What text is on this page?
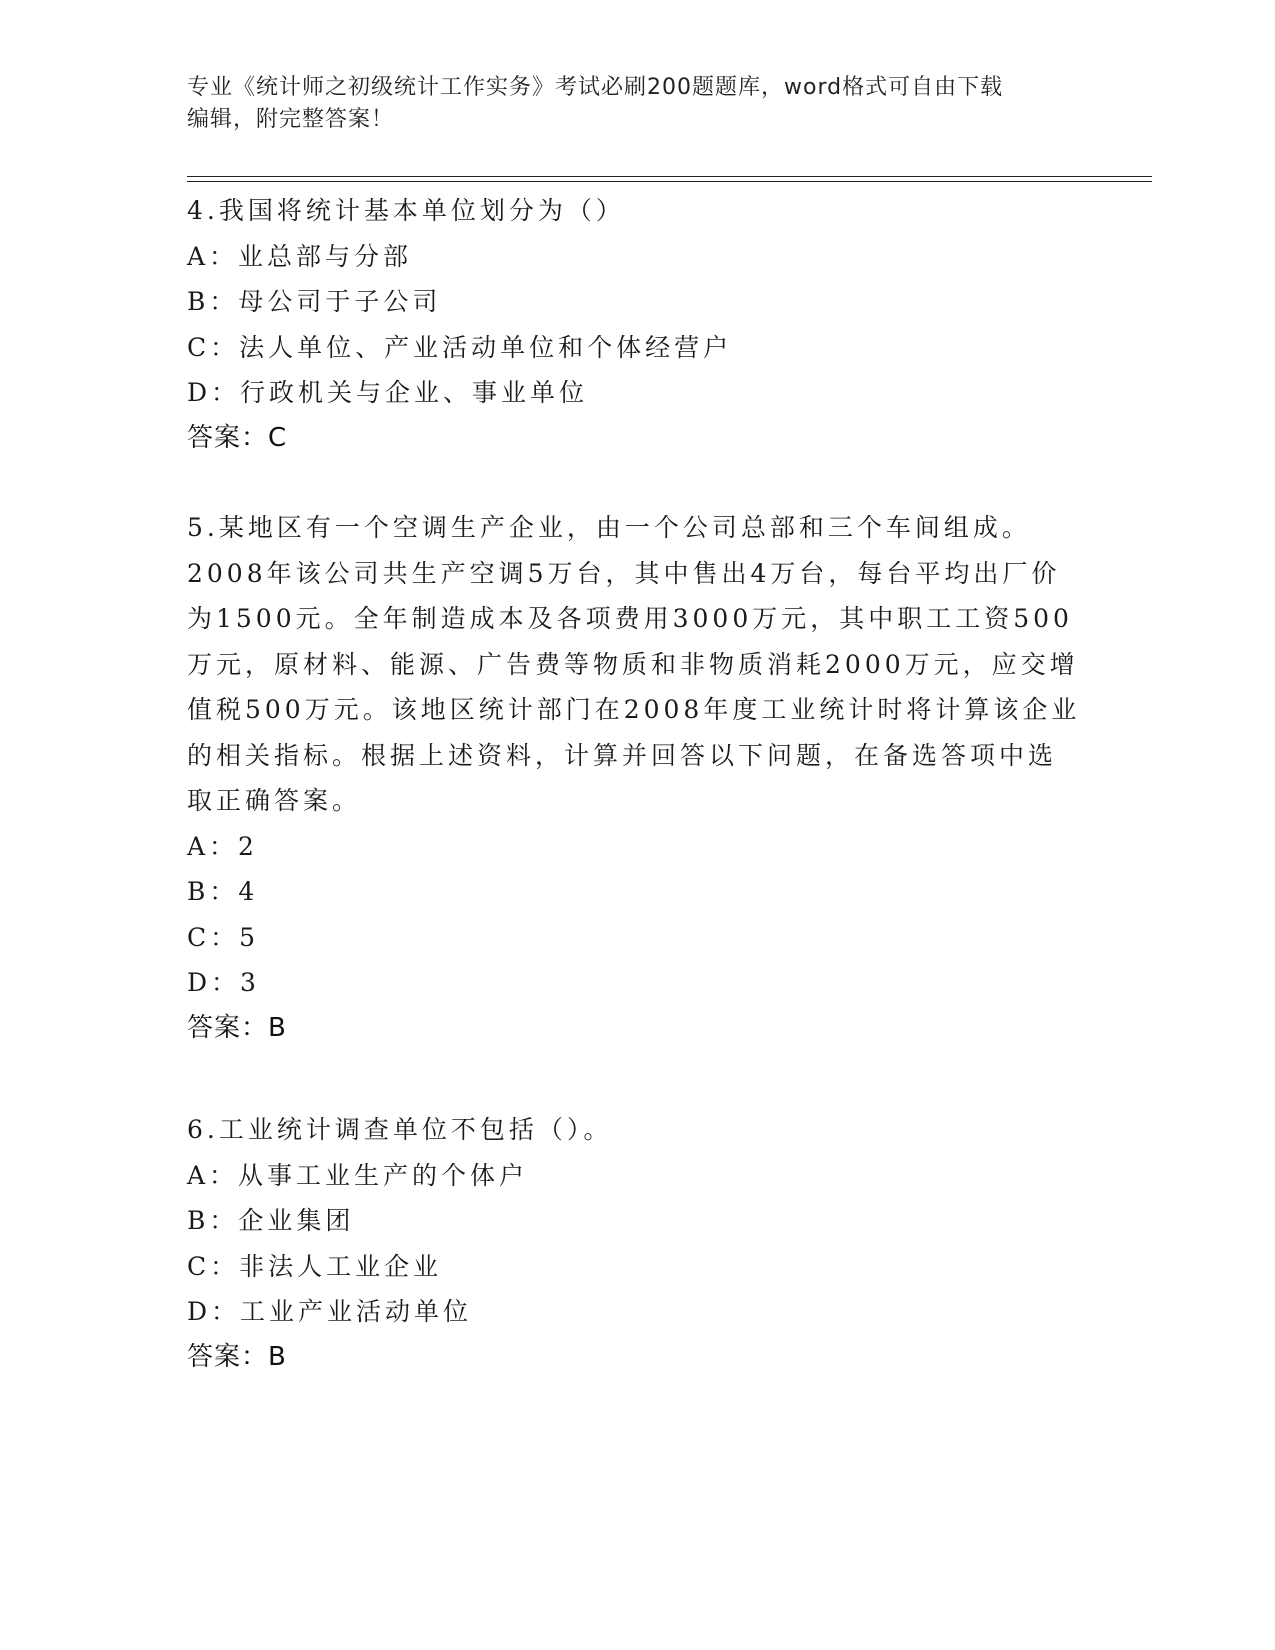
专业《统计师之初级统计工作实务》考试必刷200题题库，word格式可自由下载
编辑，附完整答案！
4.我国将统计基本单位划分为（）
A：业总部与分部
B：母公司于子公司
C：法人单位、产业活动单位和个体经营户
D：行政机关与企业、事业单位
答案：C
5.某地区有一个空调生产企业，由一个公司总部和三个车间组成。
2008年该公司共生产空调5万台，其中售出4万台，每台平均出厂价
为1500元。全年制造成本及各项费用3000万元，其中职工工资500
万元，原材料、能源、广告费等物质和非物质消耗2000万元，应交增
值税500万元。该地区统计部门在2008年度工业统计时将计算该企业
的相关指标。根据上述资料，计算并回答以下问题，在备选答项中选
取正确答案。
A：2
B：4
C：5
D：3
答案：B
6.工业统计调查单位不包括（）。
A：从事工业生产的个体户
B：企业集团
C：非法人工业企业
D：工业产业活动单位
答案：B
